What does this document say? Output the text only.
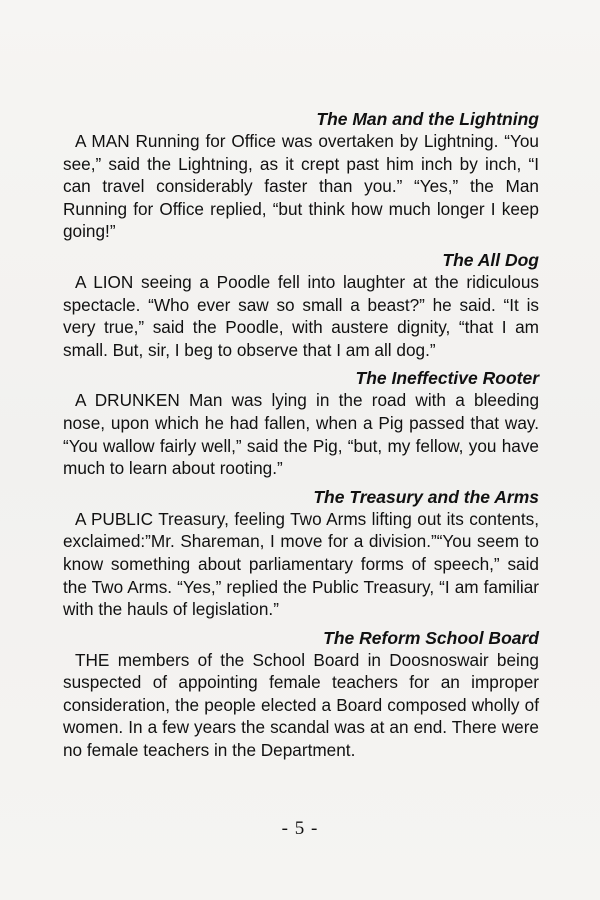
The Man and the Lightning

A MAN Running for Office was overtaken by Lightning. “You see,” said the Lightning, as it crept past him inch by inch, “I can travel considerably faster than you.” “Yes,” the Man Running for Office replied, “but think how much longer I keep going!”

The All Dog

A LION seeing a Poodle fell into laughter at the ridiculous spectacle. “Who ever saw so small a beast?” he said. “It is very true,” said the Poodle, with austere dignity, “that I am small. But, sir, I beg to observe that I am all dog.”

The Ineffective Rooter

A DRUNKEN Man was lying in the road with a bleeding nose, upon which he had fallen, when a Pig passed that way. “You wallow fairly well,” said the Pig, “but, my fellow, you have much to learn about rooting.”

The Treasury and the Arms

A PUBLIC Treasury, feeling Two Arms lifting out its contents, exclaimed:”Mr. Shareman, I move for a division.”“You seem to know something about parliamentary forms of speech,” said the Two Arms. “Yes,” replied the Public Treasury, “I am familiar with the hauls of legislation.”

The Reform School Board

THE members of the School Board in Doosnoswair being suspected of appointing female teachers for an improper consideration, the people elected a Board composed wholly of women. In a few years the scandal was at an end. There were no female teachers in the Department.

- 5 -
